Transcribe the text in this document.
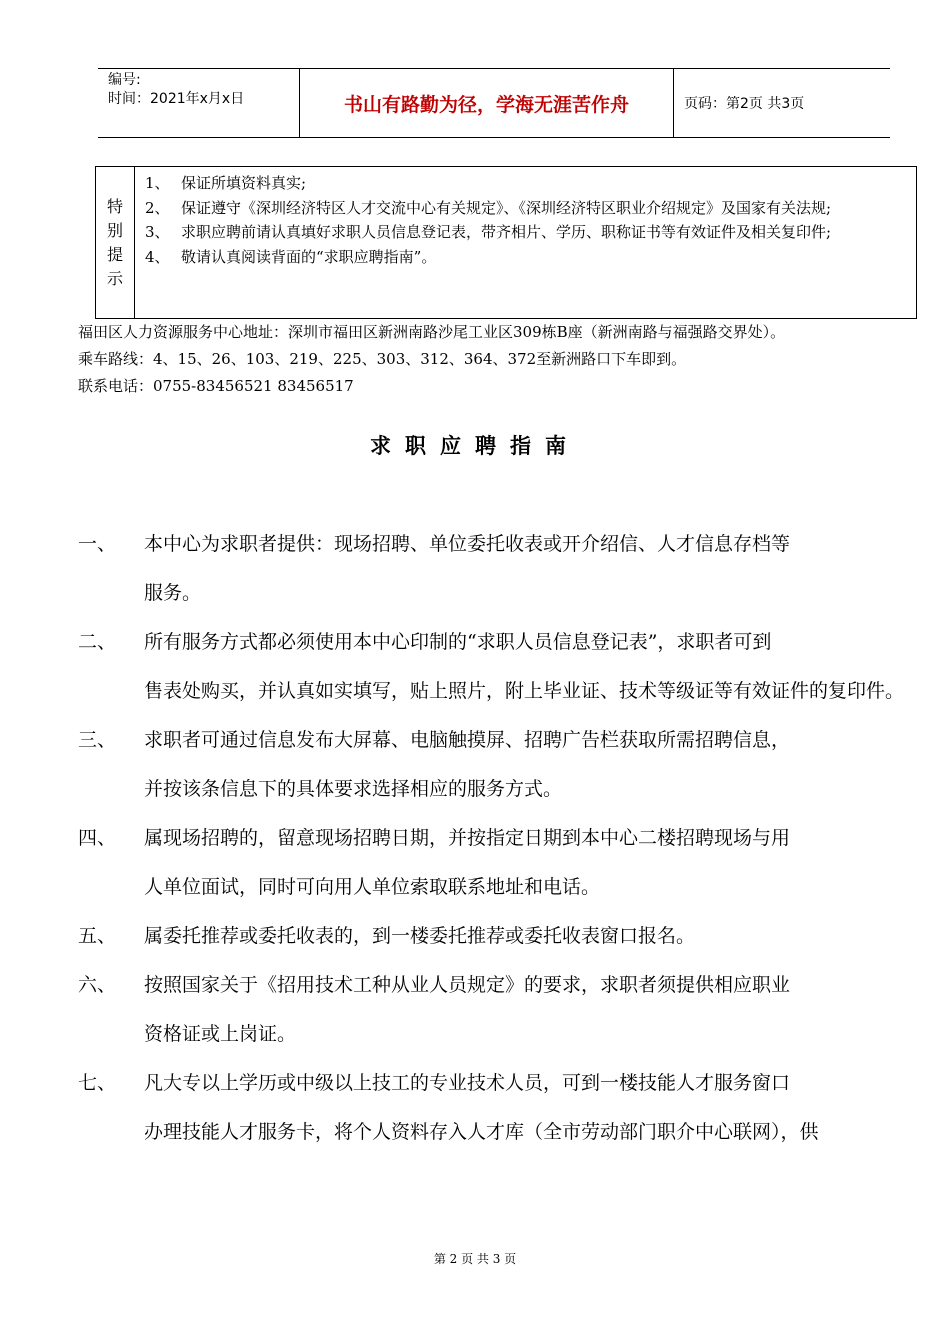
编号:
时间：2021年x月x日	书山有路勤为径，学海无涯苦作舟	页码：第2页 共3页
特
别
提
示
1、 保证所填资料真实;
2、 保证遵守《深圳经济特区人才交流中心有关规定》、《深圳经济特区职业介绍规定》及国家有关法规;
3、 求职应聘前请认真填好求职人员信息登记表，带齐相片、学历、职称证书等有效证件及相关复印件;
4、 敬请认真阅读背面的“求职应聘指南”。
福田区人力资源服务中心地址：深圳市福田区新洲南路沙尾工业区309栋B座（新洲南路与福强路交界处）。
乘车路线：4、15、26、103、219、225、303、312、364、372至新洲路口下车即到。
联系电话：0755-83456521 83456517
求职应聘指南
一、	本中心为求职者提供：现场招聘、单位委托收表或开介绍信、人才信息存档等
服务。
二、	所有服务方式都必须使用本中心印制的“求职人员信息登记表”，求职者可到
售表处购买，并认真如实填写，贴上照片，附上毕业证、技术等级证等有效证件的复印件。
三、	求职者可通过信息发布大屏幕、电脑触摸屏、招聘广告栏获取所需招聘信息，
并按该条信息下的具体要求选择相应的服务方式。
四、	属现场招聘的，留意现场招聘日期，并按指定日期到本中心二楼招聘现场与用
人单位面试，同时可向用人单位索取联系地址和电话。
五、	属委托推荐或委托收表的，到一楼委托推荐或委托收表窗口报名。
六、	按照国家关于《招用技术工种从业人员规定》的要求，求职者须提供相应职业
资格证或上岗证。
七、	凡大专以上学历或中级以上技工的专业技术人员，可到一楼技能人才服务窗口
办理技能人才服务卡，将个人资料存入人才库（全市劳动部门职介中心联网），供
第 2 页 共 3 页
